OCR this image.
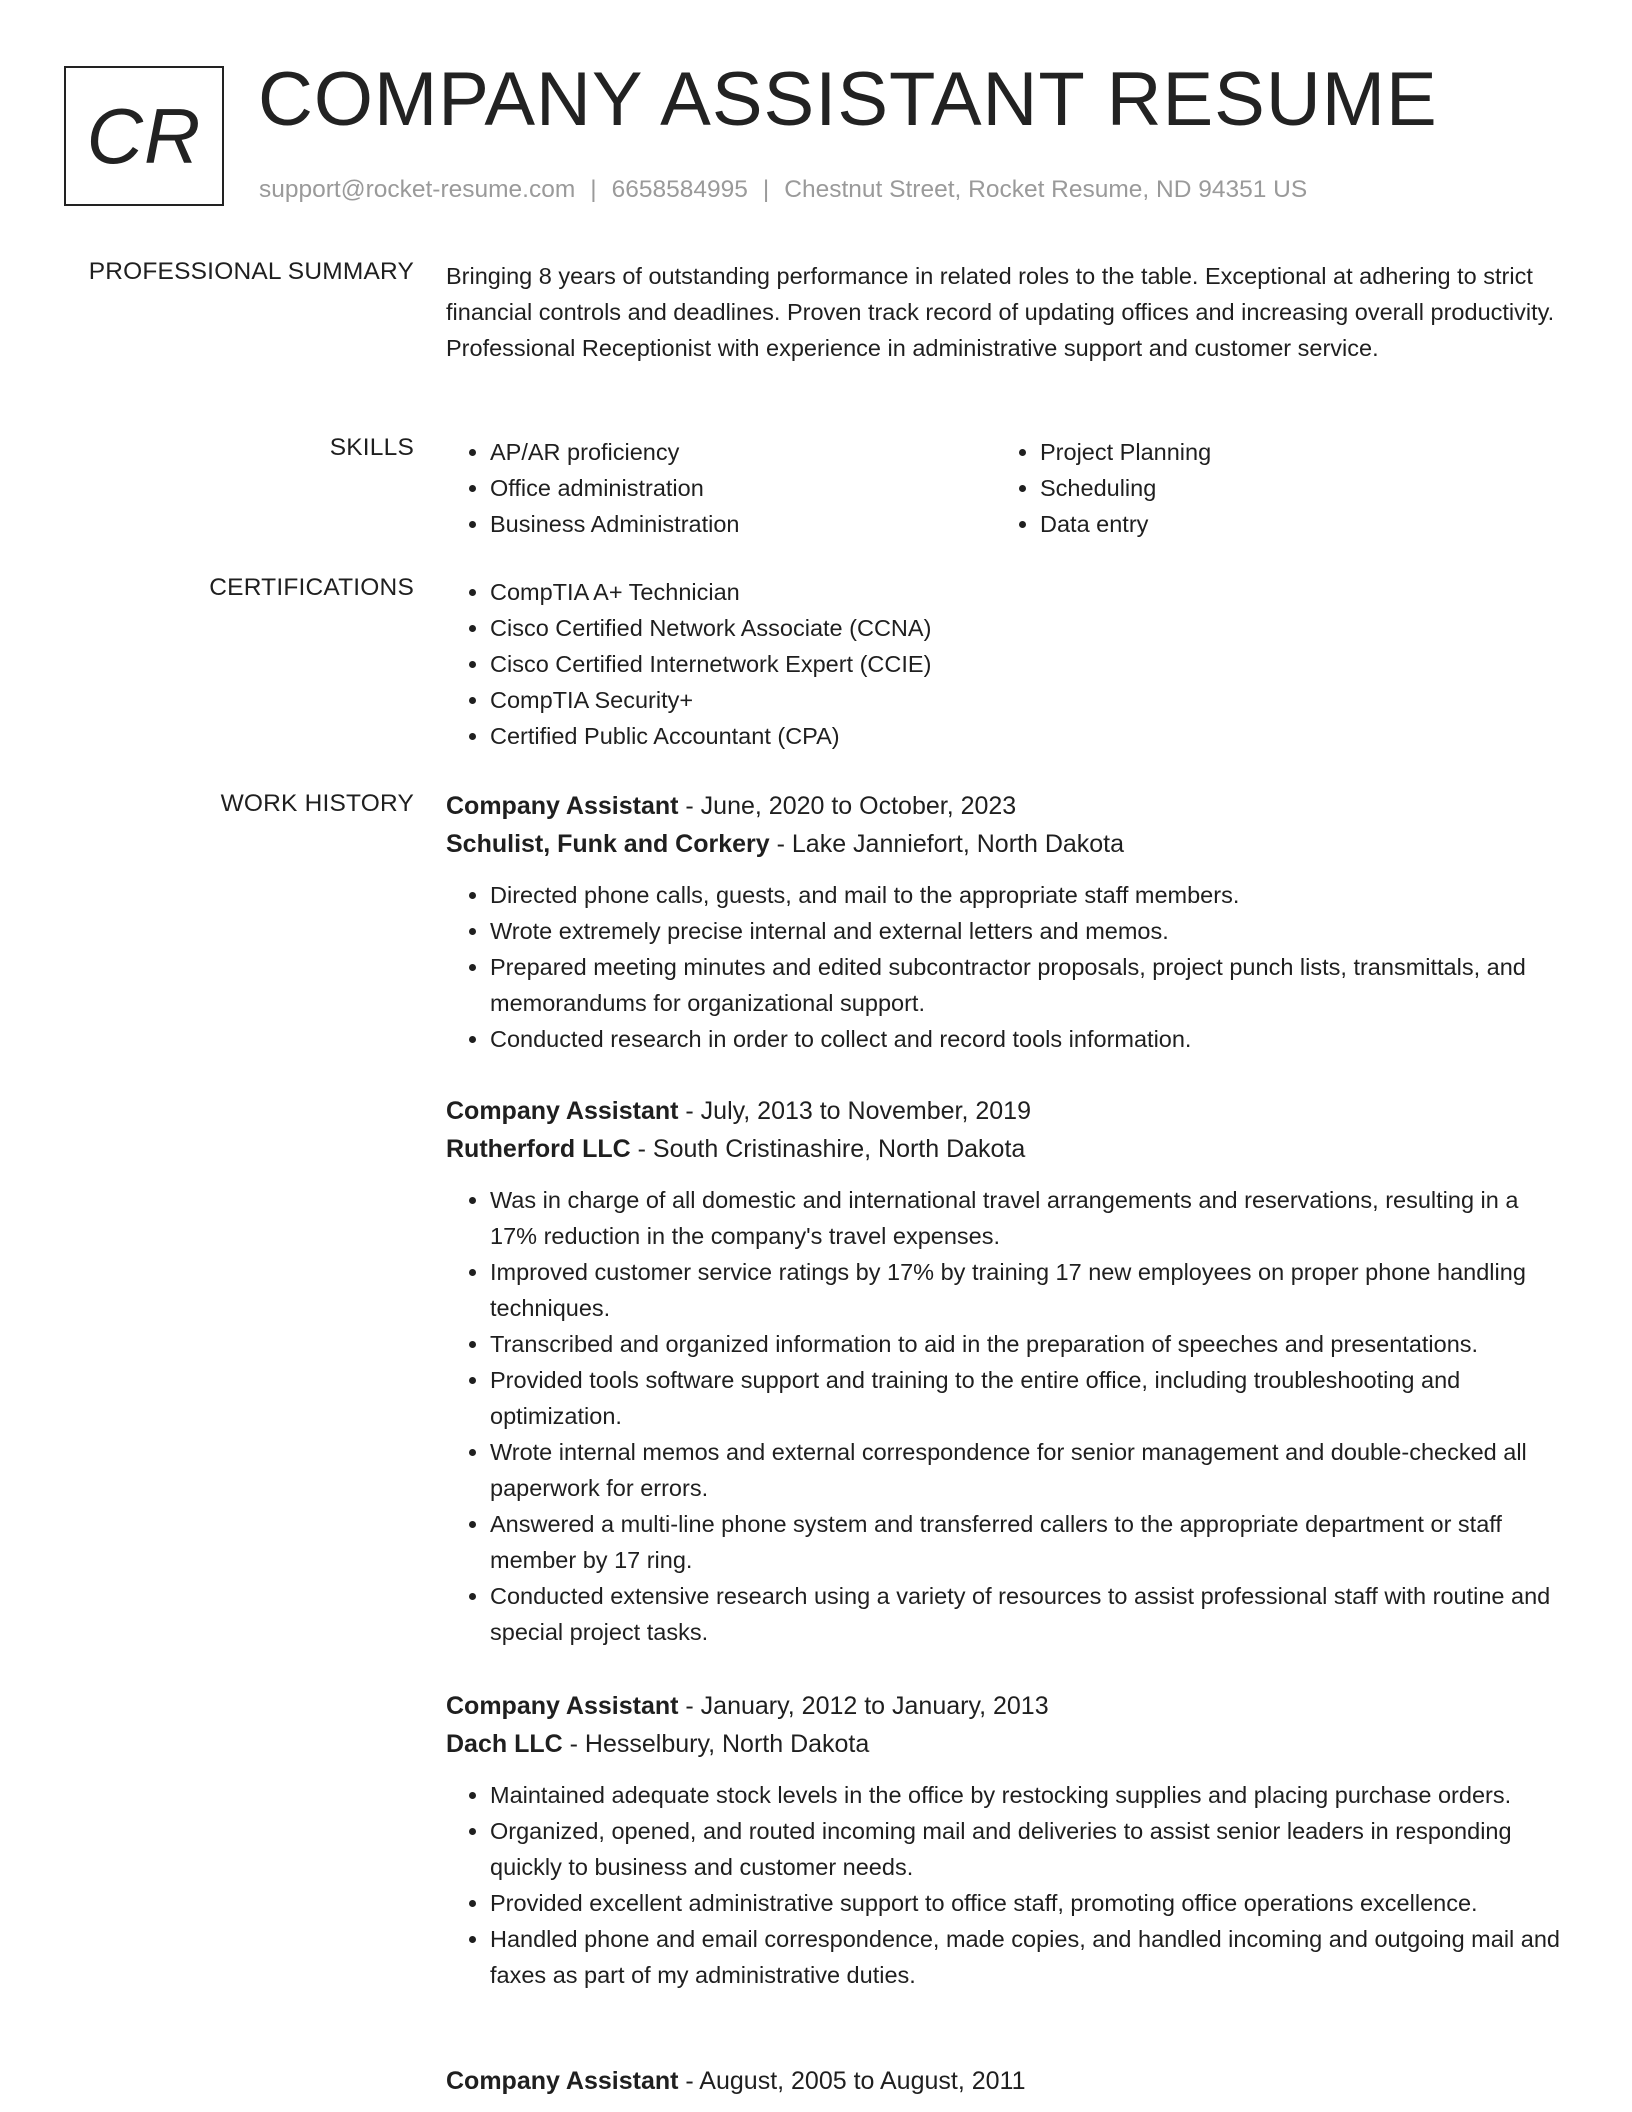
CR COMPANY ASSISTANT RESUME
support@rocket-resume.com | 6658584995 | Chestnut Street, Rocket Resume, ND 94351 US
PROFESSIONAL SUMMARY Bringing 8 years of outstanding performance in related roles to the table. Exceptional at adhering to strict financial controls and deadlines. Proven track record of updating offices and increasing overall productivity. Professional Receptionist with experience in administrative support and customer service.

SKILLS	• AP/AR proficiency
• Office administration
• Business Administration
• Project Planning
• Scheduling
• Data entry
CERTIFICATIONS	• CompTIA A+ Technician
• Cisco Certified Network Associate (CCNA)
• Cisco Certified Internetwork Expert (CCIE)
• CompTIA Security+
• Certified Public Accountant (CPA)
WORK HISTORY Company Assistant - June, 2020 to October, 2023
Schulist, Funk and Corkery - Lake Janniefort, North Dakota
• Directed phone calls, guests, and mail to the appropriate staff members.
• Wrote extremely precise internal and external letters and memos.
• Prepared meeting minutes and edited subcontractor proposals, project punch lists, transmittals, and memorandums for organizational support.
• Conducted research in order to collect and record tools information.
Company Assistant - July, 2013 to November, 2019
Rutherford LLC - South Cristinashire, North Dakota
• Was in charge of all domestic and international travel arrangements and reservations, resulting in a 17% reduction in the company's travel expenses.
• Improved customer service ratings by 17% by training 17 new employees on proper phone handling techniques.
• Transcribed and organized information to aid in the preparation of speeches and presentations.
• Provided tools software support and training to the entire office, including troubleshooting and optimization.
• Wrote internal memos and external correspondence for senior management and double-checked all paperwork for errors.
• Answered a multi-line phone system and transferred callers to the appropriate department or staff member by 17 ring.
• Conducted extensive research using a variety of resources to assist professional staff with routine and special project tasks.
Company Assistant - January, 2012 to January, 2013
Dach LLC - Hesselbury, North Dakota
• Maintained adequate stock levels in the office by restocking supplies and placing purchase orders.
• Organized, opened, and routed incoming mail and deliveries to assist senior leaders in responding quickly to business and customer needs.
• Provided excellent administrative support to office staff, promoting office operations excellence.
• Handled phone and email correspondence, made copies, and handled incoming and outgoing mail and faxes as part of my administrative duties.
Company Assistant - August, 2005 to August, 2011
